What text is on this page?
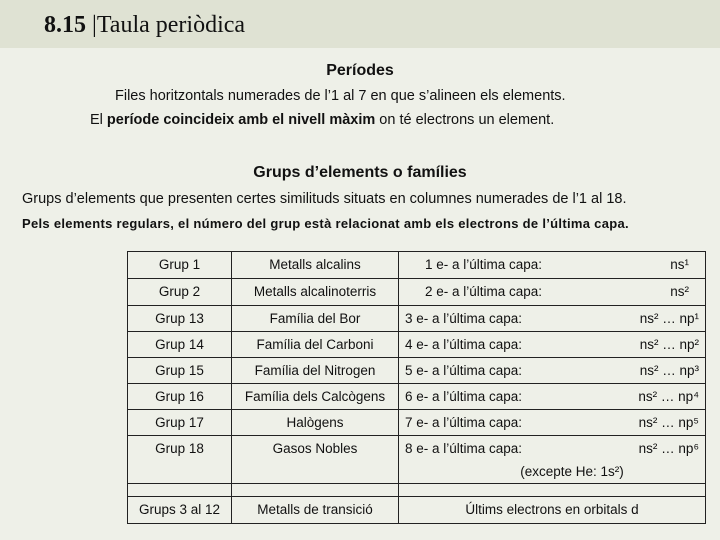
8.15 |Taula periòdica
Períodes
Files horitzontals numerades de l’1 al 7 en que s’alineen els elements.
El període coincideix amb el nivell màxim on té electrons un element.
Grups d’elements o famílies
Grups d’elements que presenten certes similituds situats en columnes numerades de l’1 al 18.
Pels elements regulars, el número del grup està relacionat amb els electrons de l’última capa.
Grup 1	Metalls alcalins	1 e- a l’última capa: ns¹

Grup 2	Metalls alcalinoterris	2 e- a l’última capa: ns²

Grup 13	Família del Bor	3 e- a l’última capa: ns² … np¹

Grup 14	Família del Carboni	4 e- a l’última capa: ns² … np²

Grup 15	Família del Nitrogen	5 e- a l’última capa: ns² … np³

Grup 16	Família dels Calcògens	6 e- a l’última capa: ns² … np⁴

Grup 17	Halògens	7 e- a l’última capa: ns² … np⁵

Grup 18	Gasos Nobles	8 e- a l’última capa: ns² … np⁶
(excepte He: 1s²)

Grups 3 al 12	Metalls de transició	Últims electrons en orbitals d
